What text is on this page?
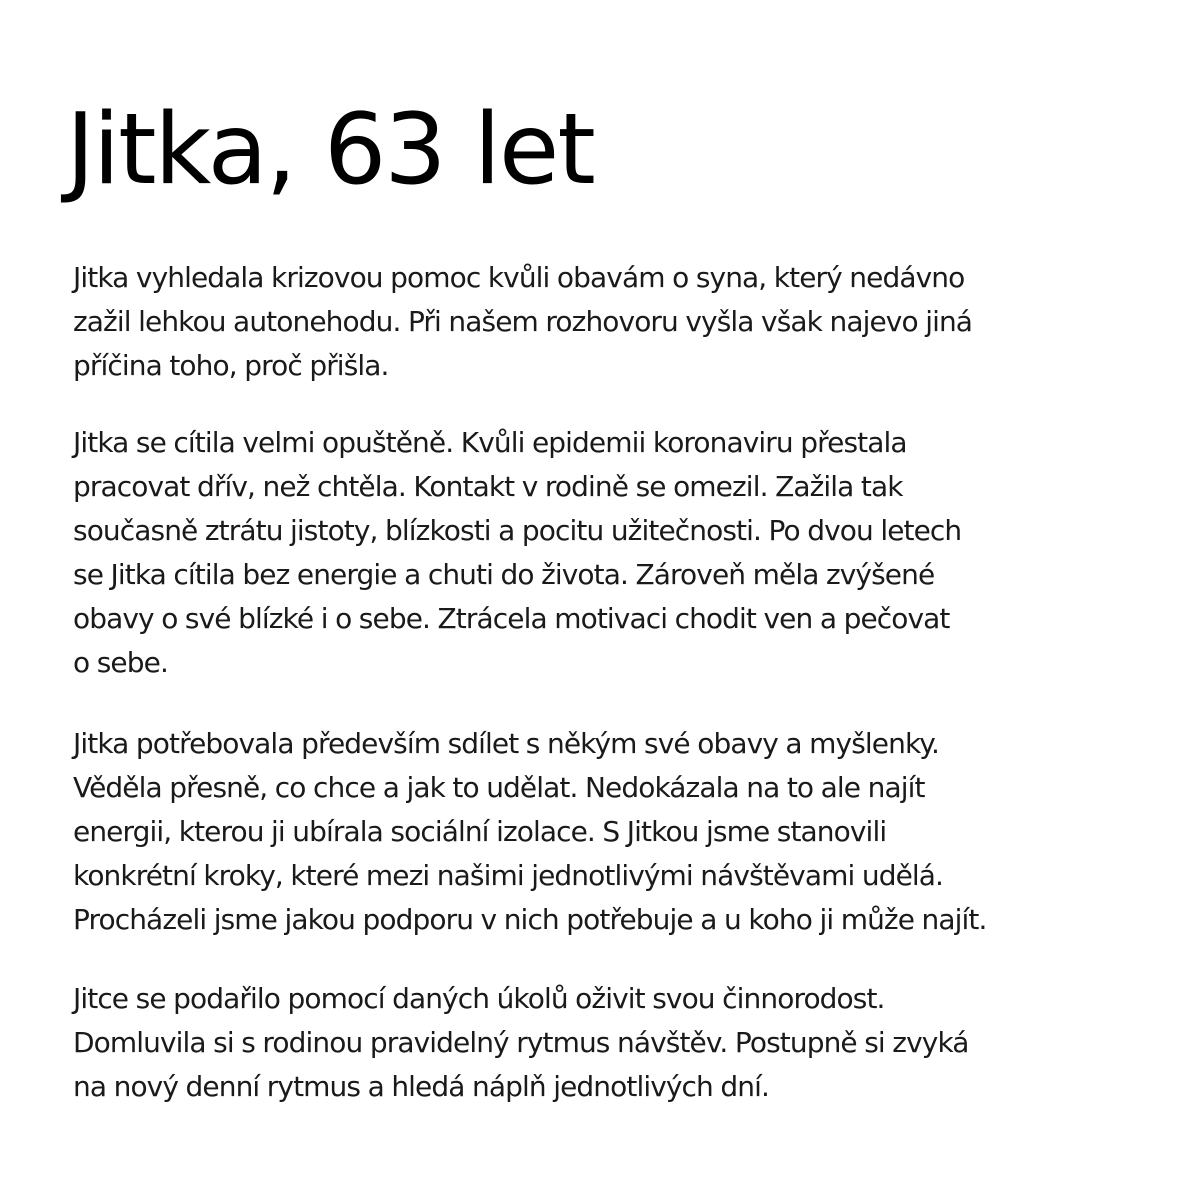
Jitka, 63 let

Jitka vyhledala krizovou pomoc kvůli obavám o syna, který nedávno
zažil lehkou autonehodu. Při našem rozhovoru vyšla však najevo jiná
příčina toho, proč přišla.

Jitka se cítila velmi opuštěně. Kvůli epidemii koronaviru přestala
pracovat dřív, než chtěla. Kontakt v rodině se omezil. Zažila tak
současně ztrátu jistoty, blízkosti a pocitu užitečnosti. Po dvou letech
se Jitka cítila bez energie a chuti do života. Zároveň měla zvýšené
obavy o své blízké i o sebe. Ztrácela motivaci chodit ven a pečovat
o sebe.

Jitka potřebovala především sdílet s někým své obavy a myšlenky.
Věděla přesně, co chce a jak to udělat. Nedokázala na to ale najít
energii, kterou ji ubírala sociální izolace. S Jitkou jsme stanovili
konkrétní kroky, které mezi našimi jednotlivými návštěvami udělá.
Procházeli jsme jakou podporu v nich potřebuje a u koho ji může najít.

Jitce se podařilo pomocí daných úkolů oživit svou činnorodost.
Domluvila si s rodinou pravidelný rytmus návštěv. Postupně si zvyká
na nový denní rytmus a hledá náplň jednotlivých dní.
